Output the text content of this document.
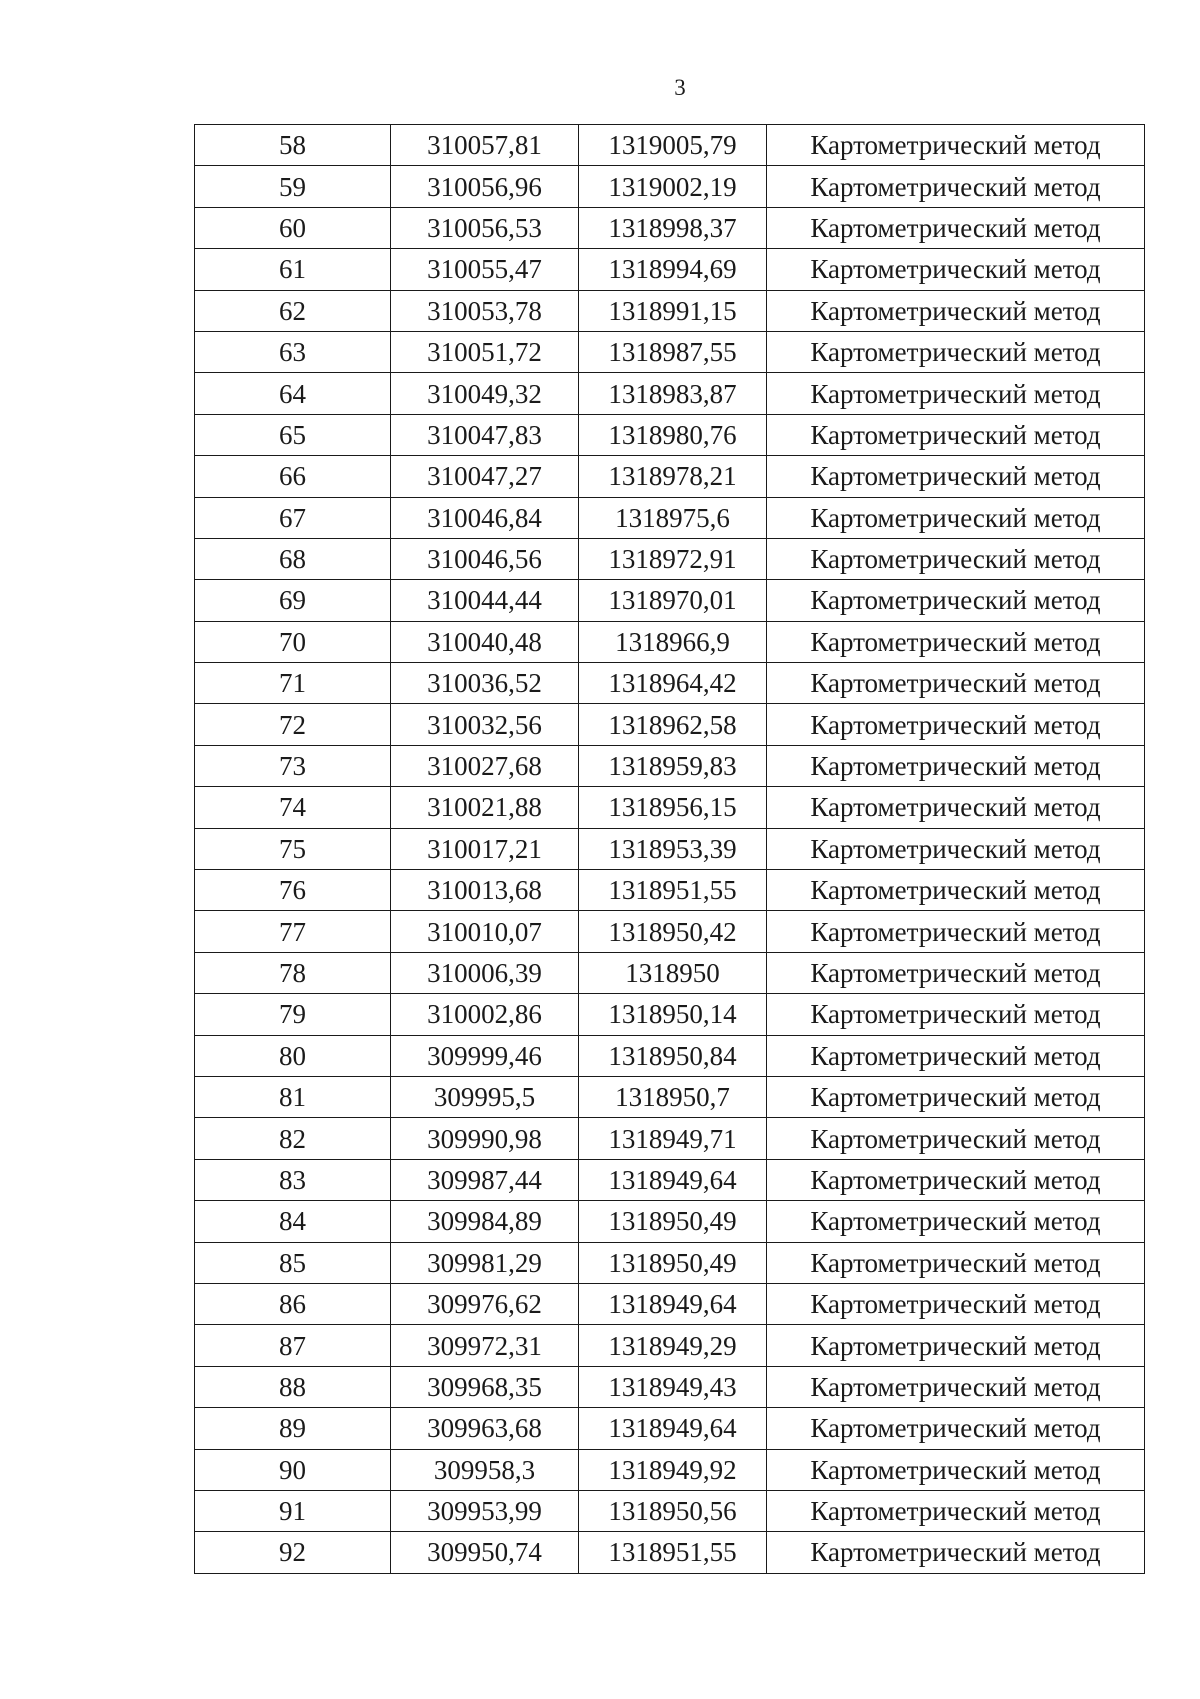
3
58	310057,81	1319005,79	Картометрический метод
59	310056,96	1319002,19	Картометрический метод
60	310056,53	1318998,37	Картометрический метод
61	310055,47	1318994,69	Картометрический метод
62	310053,78	1318991,15	Картометрический метод
63	310051,72	1318987,55	Картометрический метод
64	310049,32	1318983,87	Картометрический метод
65	310047,83	1318980,76	Картометрический метод
66	310047,27	1318978,21	Картометрический метод
67	310046,84	1318975,6	Картометрический метод
68	310046,56	1318972,91	Картометрический метод
69	310044,44	1318970,01	Картометрический метод
70	310040,48	1318966,9	Картометрический метод
71	310036,52	1318964,42	Картометрический метод
72	310032,56	1318962,58	Картометрический метод
73	310027,68	1318959,83	Картометрический метод
74	310021,88	1318956,15	Картометрический метод
75	310017,21	1318953,39	Картометрический метод
76	310013,68	1318951,55	Картометрический метод
77	310010,07	1318950,42	Картометрический метод
78	310006,39	1318950	Картометрический метод
79	310002,86	1318950,14	Картометрический метод
80	309999,46	1318950,84	Картометрический метод
81	309995,5	1318950,7	Картометрический метод
82	309990,98	1318949,71	Картометрический метод
83	309987,44	1318949,64	Картометрический метод
84	309984,89	1318950,49	Картометрический метод
85	309981,29	1318950,49	Картометрический метод
86	309976,62	1318949,64	Картометрический метод
87	309972,31	1318949,29	Картометрический метод
88	309968,35	1318949,43	Картометрический метод
89	309963,68	1318949,64	Картометрический метод
90	309958,3	1318949,92	Картометрический метод
91	309953,99	1318950,56	Картометрический метод
92	309950,74	1318951,55	Картометрический метод
